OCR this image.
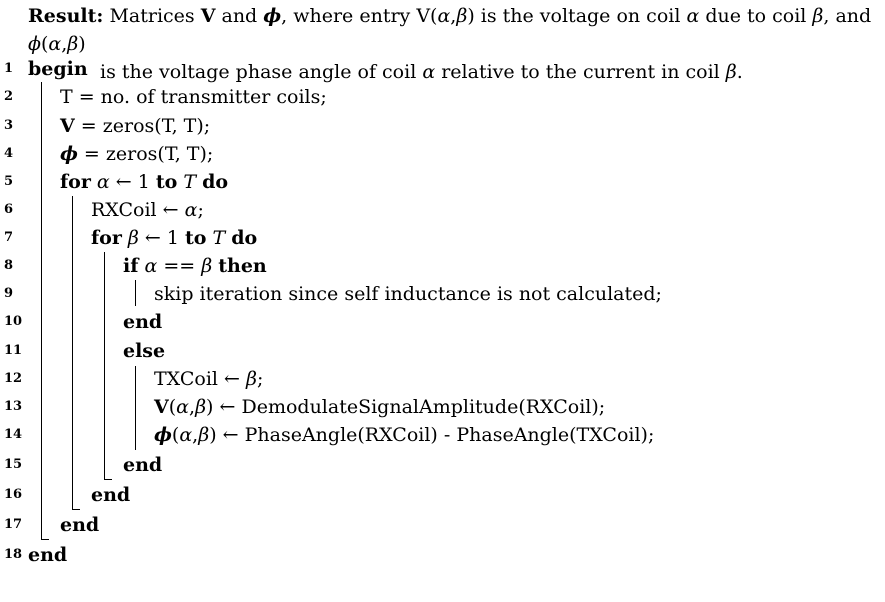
Result: Matrices V and ϕ, where entry V(α,β) is the voltage on coil α due to coil β, and ϕ(α,β)
is the voltage phase angle of coil α relative to the current in coil β.
1 begin
2	T = no. of transmitter coils;
3	V = zeros(T, T);
4	ϕ = zeros(T, T);
5	for α ← 1 to T do
6	RXCoil ← α;
7	for β ← 1 to T do
8	if α == β then
9	skip iteration since self inductance is not calculated;
10	end
11	else
12	TXCoil ← β;
13	V(α,β) ← DemodulateSignalAmplitude(RXCoil);
14	ϕ(α,β) ← PhaseAngle(RXCoil) - PhaseAngle(TXCoil);
15	end
16	end
17 end
18 end
